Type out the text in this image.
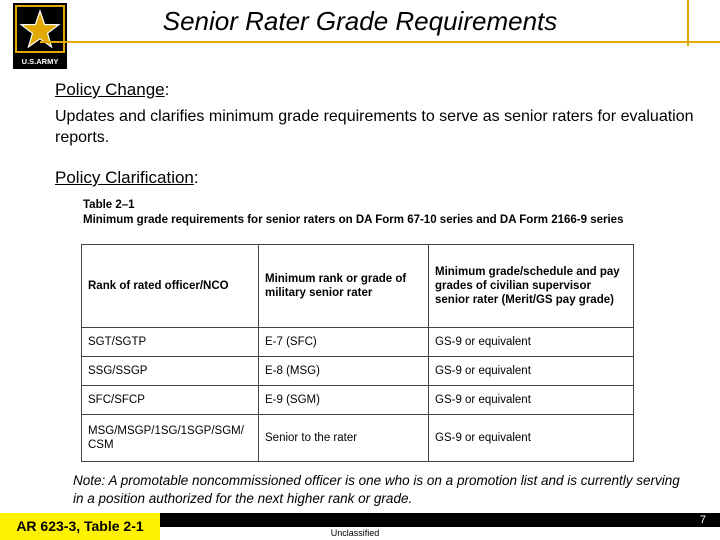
U.S.ARMY
Senior Rater Grade Requirements
Policy Change:
Updates and clarifies minimum grade requirements to serve as senior raters for evaluation reports.
Policy Clarification:
Table 2–1
Minimum grade requirements for senior raters on DA Form 67-10 series and DA Form 2166-9 series
Rank of rated officer/NCO	Minimum rank or grade of military senior rater	Minimum grade/schedule and pay grades of civilian supervisor senior rater (Merit/GS pay grade)
SGT/SGTP	E-7 (SFC)	GS-9 or equivalent
SSG/SSGP	E-8 (MSG)	GS-9 or equivalent
SFC/SFCP	E-9 (SGM)	GS-9 or equivalent
MSG/MSGP/1SG/1SGP/SGM/CSM	Senior to the rater	GS-9 or equivalent
Note: A promotable noncommissioned officer is one who is on a promotion list and is currently serving in a position authorized for the next higher rank or grade.
AR 623-3, Table 2-1	7
Unclassified
